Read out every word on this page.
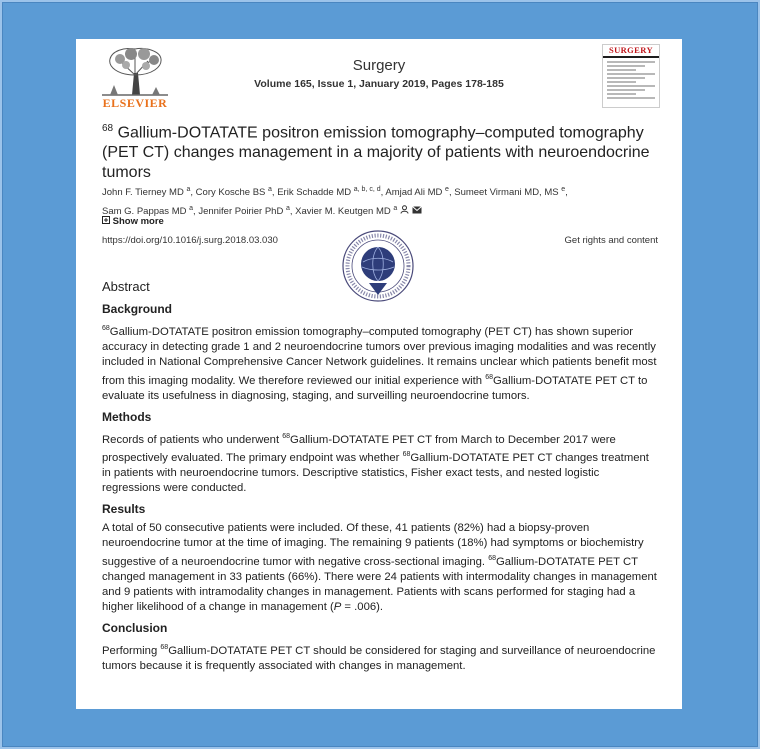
ELSEVIER
Surgery
Volume 165, Issue 1, January 2019, Pages 178-185
SURGERY
$^{68}$ Gallium-DOTATATE positron emission tomography–computed tomography (PET CT) changes management in a majority of patients with neuroendocrine tumors
John F. Tierney MD $^a$, Cory Kosche BS $^a$, Erik Schadde MD $^{a, b, c, d}$, Amjad Ali MD $^e$, Sumeet Virmani MD, MS $^e$,
Sam G. Pappas MD $^a$, Jennifer Poirier PhD $^a$, Xavier M. Keutgen MD $^a$
Show more
https://doi.org/10.1016/j.surg.2018.03.030	Get rights and content
Abstract
Background

$^{68}$Gallium-DOTATATE positron emission tomography–computed tomography (PET CT) has shown superior accuracy in detecting grade 1 and 2 neuroendocrine tumors over previous imaging modalities and was recently included in National Comprehensive Cancer Network guidelines. It remains unclear which patients benefit most from this imaging modality. We therefore reviewed our initial experience with $^{68}$Gallium-DOTATATE PET CT to evaluate its usefulness in diagnosing, staging, and surveilling neuroendocrine tumors.

Methods

Records of patients who underwent $^{68}$Gallium-DOTATATE PET CT from March to December 2017 were prospectively evaluated. The primary endpoint was whether $^{68}$Gallium-DOTATATE PET CT changes treatment in patients with neuroendocrine tumors. Descriptive statistics, Fisher exact tests, and nested logistic regressions were conducted.

Results

A total of 50 consecutive patients were included. Of these, 41 patients (82%) had a biopsy-proven neuroendocrine tumor at the time of imaging. The remaining 9 patients (18%) had symptoms or biochemistry suggestive of a neuroendocrine tumor with negative cross-sectional imaging. $^{68}$Gallium-DOTATATE PET CT changed management in 33 patients (66%). There were 24 patients with intermodality changes in management and 9 patients with intramodality changes in management. Patients with scans performed for staging had a higher likelihood of a change in management (P = .006).

Conclusion

Performing $^{68}$Gallium-DOTATATE PET CT should be considered for staging and surveillance of neuroendocrine tumors because it is frequently associated with changes in management.
